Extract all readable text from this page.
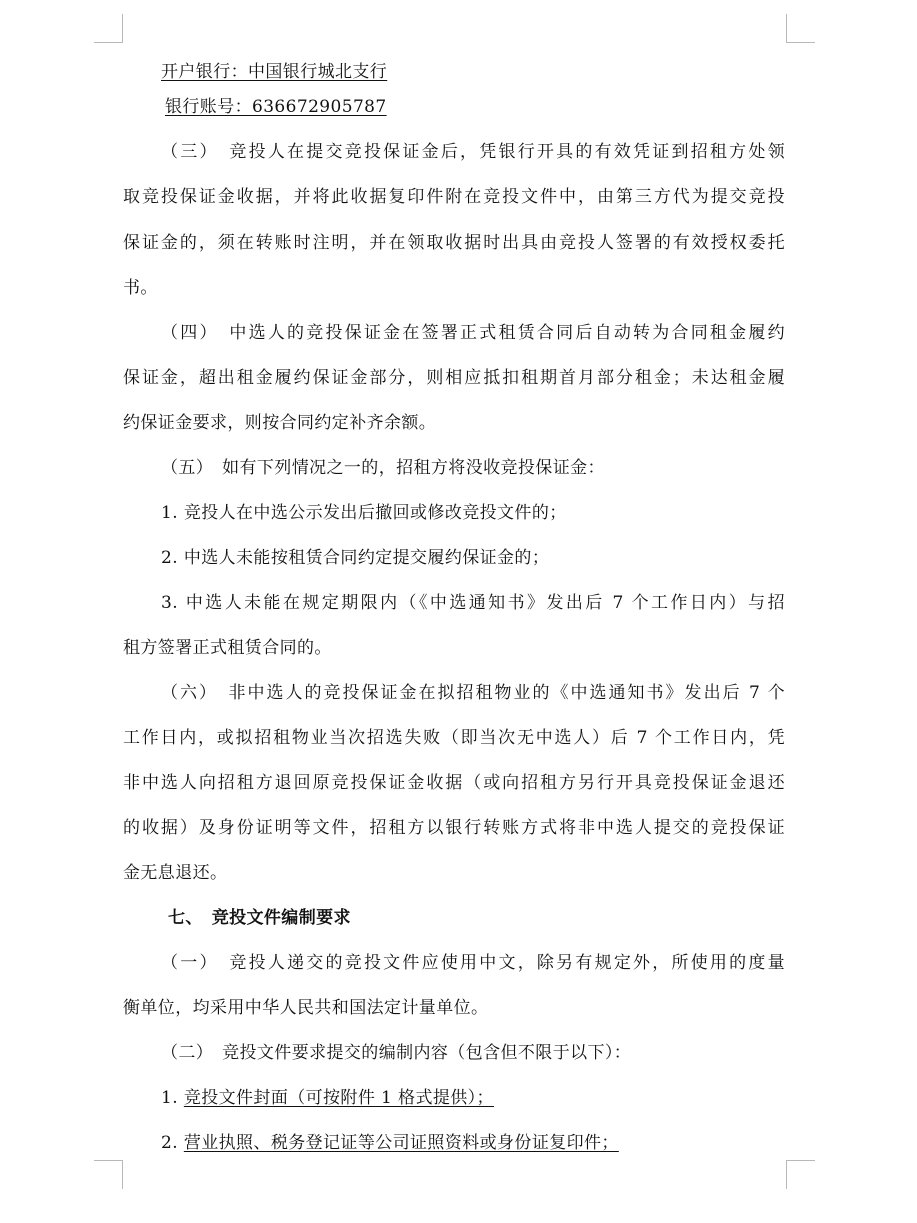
开户银行：中国银行城北支行
银行账号：636672905787
（三）　竞投人在提交竞投保证金后，凭银行开具的有效凭证到招租方处领
取竞投保证金收据，并将此收据复印件附在竞投文件中，由第三方代为提交竞投
保证金的，须在转账时注明，并在领取收据时出具由竞投人签署的有效授权委托
书。
（四）　中选人的竞投保证金在签署正式租赁合同后自动转为合同租金履约
保证金，超出租金履约保证金部分，则相应抵扣租期首月部分租金；未达租金履
约保证金要求，则按合同约定补齐余额。
（五）　如有下列情况之一的，招租方将没收竞投保证金：
1. 竞投人在中选公示发出后撤回或修改竞投文件的；
2. 中选人未能按租赁合同约定提交履约保证金的；
3. 中选人未能在规定期限内（《中选通知书》发出后 7 个工作日内）与招
租方签署正式租赁合同的。
（六）　非中选人的竞投保证金在拟招租物业的《中选通知书》发出后 7 个
工作日内，或拟招租物业当次招选失败（即当次无中选人）后 7 个工作日内，凭
非中选人向招租方退回原竞投保证金收据（或向招租方另行开具竞投保证金退还
的收据）及身份证明等文件，招租方以银行转账方式将非中选人提交的竞投保证
金无息退还。
七、　竞投文件编制要求
（一）　竞投人递交的竞投文件应使用中文，除另有规定外，所使用的度量
衡单位，均采用中华人民共和国法定计量单位。
（二）　竞投文件要求提交的编制内容（包含但不限于以下）：
1. 竞投文件封面（可按附件 1 格式提供）；
2. 营业执照、税务登记证等公司证照资料或身份证复印件；
